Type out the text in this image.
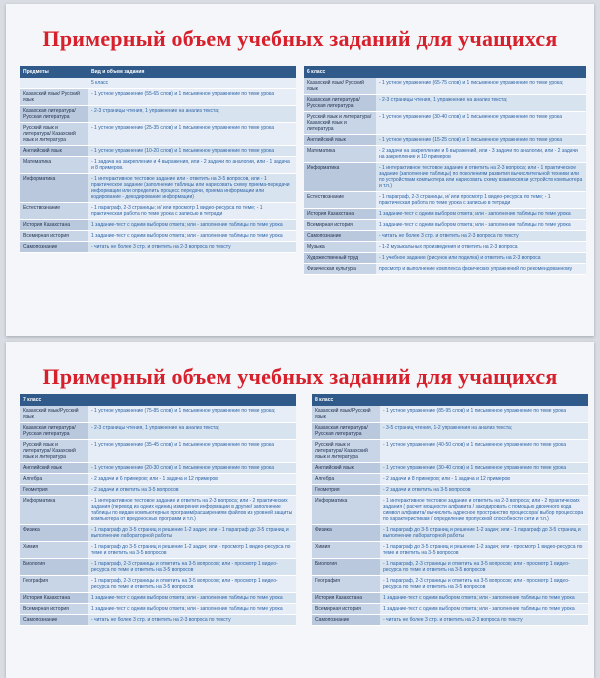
Примерный объем учебных заданий для учащихся
Предметы	Вид и объем задания
	5 класс
Казахский язык/ Русский язык	- 1 устное упражнение (55-65 слов) и 1 письменное упражнение по теме урока
Казахская литература/Русская литература	- 2-3 страницы чтения, 1 упражнение на анализ текста;
Русский язык и литература/ Казахский язык и литература	- 1 устное упражнение (25-35 слов) и 1 письменное упражнение по теме урока
Английский язык	- 1 устное упражнение (10-20 слов) и 1 письменное упражнение по теме урока
Математика	- 1 задача на закрепление и 4 выражения, или - 2 задачи по аналогии, или - 1 задача и 8 примеров.
Информатика	- 1 интерактивное тестовое задание или - ответить на 3-5 вопросов, или - 1 практическое задание (заполнение таблицы или нарисовать схему приема-передачи информации или определить процесс передачи, приема информации или кодирование - декодирование информации)
Естествознание	- 1 параграф, 2-3 страницы; и/ или просмотр 1 видео-ресурса по теме; - 1 практическая работа по теме урока с записью в тетради
История Казахстана	1 задание-тест с одним выбором ответа; или - заполнение таблицы по теме урока
Всемирная история	1 задание-тест с одним выбором ответа; или - заполнение таблицы по теме урока
Самопознание	- читать не более 3 стр. и ответить на 2-3 вопроса по тексту
6 класс	
Казахский язык/ Русский язык	- 1 устное упражнение (65-75 слов) и 1 письменное упражнение по теме урока;
Казахская литература/ Русская литература	- 2-3 страницы чтения, 1 упражнение на анализ текста;
Русский язык и литература/ Казахский язык и литература	- 1 устное упражнение (30-40 слов) и 1 письменное упражнение по теме урока
Английский язык	- 1 устное упражнение (15-25 слов) и 1 письменное упражнение по теме урока
Математика	- 2 задачи на закрепление и 6 выражений, или - 3 задачи по аналогии, или - 2 задачи на закрепление и 10 примеров
Информатика	- 1 интерактивное тестовое задание и ответить на 2-3 вопроса; или - 1 практическое задание (заполнение таблицы) по поколениям развития вычислительной техники или по устройствам компьютера или нарисовать схему взаимосвязи устройств компьютера и т.п.)
Естествознание	- 1 параграф, 2-3 страницы, и/ или просмотр 1 видео-ресурса по теме; - 1 практическая работа по теме урока с записью в тетради
История Казахстана	1 задание-тест с одним выбором ответа; или - заполнение таблицы по теме урока
Всемирная история	1 задание-тест с одним выбором ответа; или - заполнение таблицы по теме урока
Самопознание	- читать не более 3 стр. и ответить на 2-3 вопроса по тексту
Музыка	- 1-2 музыкальных произведения и ответить на 2-3 вопроса
Художественный труд	- 1 учебное задание (рисунок или поделка) и ответить на 2-3 вопроса
Физическая культура	просмотр и выполнение комплекса физических упражнений по рекомендованному
Примерный объем учебных заданий для учащихся
7 класс	
Казахский язык/Русский язык	- 1 устное упражнение (75-85 слов) и 1 письменное упражнение по теме урока;
Казахская литература/ Русская литература	- 2-3 страницы чтения, 1 упражнение на анализ текста;
Русский язык и литература/ Казахский язык и литература	- 1 устное упражнение (35-45 слов) и 1 письменное упражнение по теме урока
Английский язык	- 1 устное упражнение (20-30 слов) и 1 письменное упражнение по теме урока
Алгебра	- 2 задачи и 6 примеров; или - 1 задача и 12 примеров
Геометрия	- 2 задачи и ответить на 3-5 вопросов
Информатика	- 1 интерактивное тестовое задание и ответить на 2-3 вопроса; или - 2 практических задания (перевод из одних единиц измерения информации в другие/ заполнение таблицы по видам компьютерных программ/расширениям файлов из уровней защиты компьютера от вредоносных программ и т.п.)
Физика	- 1 параграф до 3-5 страниц и решение 1-2 задач; или - 1 параграф до 3-5 страниц и выполнение лабораторной работы
Химия	- 1 параграф до 3-5 страниц и решение 1-2 задач; или - просмотр 1 видео-ресурса по теме и ответить на 3-5 вопросов
Биология	- 1 параграф, 2-3 страницы и ответить на 3-5 вопросов; или - просмотр 1 видео-ресурса по теме и ответить на 3-5 вопросов
География	- 1 параграф, 2-3 страницы и ответить на 3-5 вопросов; или - просмотр 1 видео-ресурса по теме и ответить на 3-5 вопросов
История Казахстана	1 задание-тест с одним выбором ответа; или - заполнение таблицы по теме урока
Всемирная история	1 задание-тест с одним выбором ответа; или - заполнение таблицы по теме урока
Самопознание	- читать не более 3 стр. и ответить на 2-3 вопроса по тексту
8 класс	
Казахский язык/Русский язык	- 1 устное упражнение (85-95 слов) и 1 письменное упражнение по теме урока
Казахская литература/ Русская литература	- 3-5 страниц чтения, 1-2 упражнения на анализ текста;
Русский язык и литература/ Казахский язык и литература	- 1 устное упражнение (40-50 слов) и 1 письменное упражнение по теме урока
Английский язык	- 1 устное упражнение (30-40 слов) и 1 письменное упражнение по теме урока
Алгебра	- 2 задачи и 8 примеров; или - 1 задача и 12 примеров
Геометрия	- 2 задачи и ответить на 3-5 вопросов
Информатика	- 1 интерактивное тестовое задание и ответить на 2-3 вопроса; или - 2 практических задания ( расчет мощности алфавита / закодировать с помощью двоичного кода символ алфавита/ вычислить адресное пространство процессора/ выбор процессора по характеристикам / определение пропускной способности сети и т.п.)
Физика	- 1 параграф до 3-5 страниц и решение 1-2 задач; или - 1 параграф до 3-5 страниц и выполнение лабораторной работы
Химия	- 1 параграф до 3-5 страниц и решение 1-2 задач; или - просмотр 1 видео-ресурса по теме и ответить на 3-5 вопросов
Биология	- 1 параграф, 2-3 страницы и ответить на 3-5 вопросов; или - просмотр 1 видео-ресурса по теме и ответить на 3-5 вопросов
География	- 1 параграф, 2-3 страницы и ответить на 3-5 вопросов; или - просмотр 1 видео-ресурса по теме и ответить на 3-5 вопросов
История Казахстана	1 задание-тест с одним выбором ответа; или - заполнение таблицы по теме урока
Всемирная история	1 задание-тест с одним выбором ответа; или - заполнение таблицы по теме урока
Самопознание	- читать не более 3 стр. и ответить на 2-3 вопроса по тексту
